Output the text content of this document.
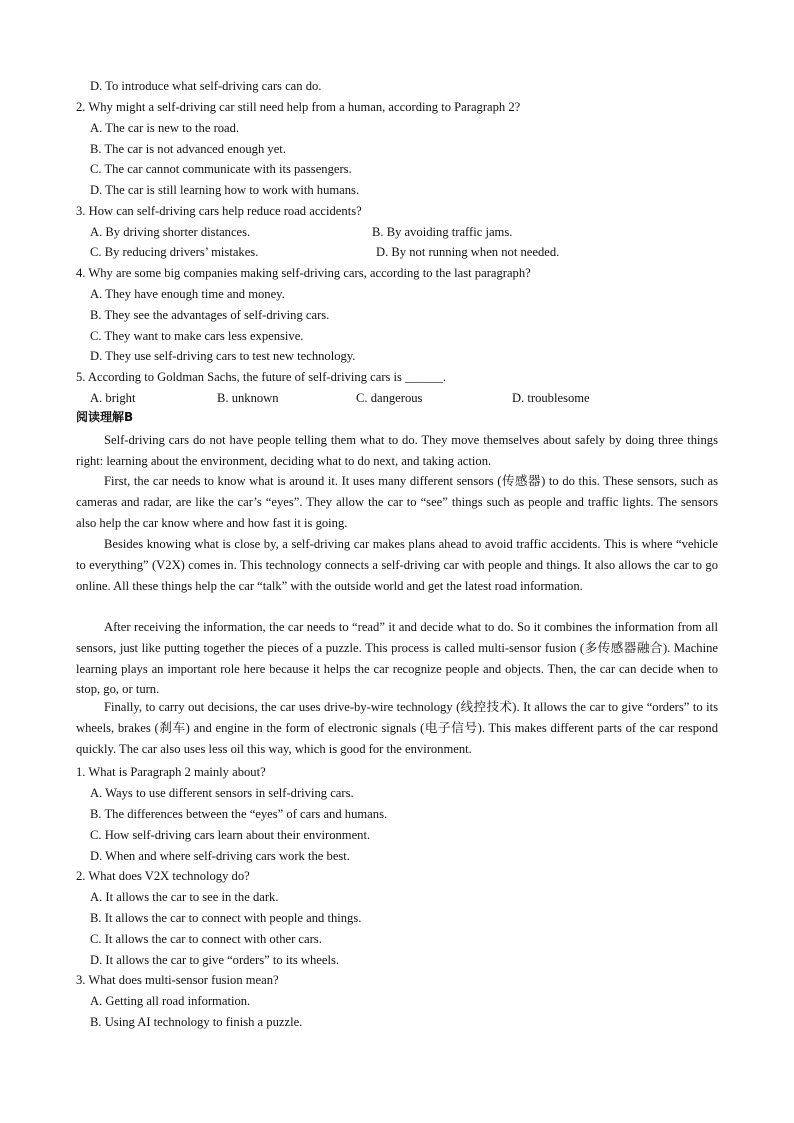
D. To introduce what self-driving cars can do.
2. Why might a self-driving car still need help from a human, according to Paragraph 2?
A. The car is new to the road.
B. The car is not advanced enough yet.
C. The car cannot communicate with its passengers.
D. The car is still learning how to work with humans.
3. How can self-driving cars help reduce road accidents?
A. By driving shorter distances.	B. By avoiding traffic jams.
C. By reducing drivers’ mistakes.	D. By not running when not needed.
4. Why are some big companies making self-driving cars, according to the last paragraph?
A. They have enough time and money.
B. They see the advantages of self-driving cars.
C. They want to make cars less expensive.
D. They use self-driving cars to test new technology.
5. According to Goldman Sachs, the future of self-driving cars is ______.
A. bright	B. unknown	C. dangerous	D. troublesome
阅读理解B
Self-driving cars do not have people telling them what to do. They move themselves about safely by doing three things right: learning about the environment, deciding what to do next, and taking action.
First, the car needs to know what is around it. It uses many different sensors (传感器) to do this. These sensors, such as cameras and radar, are like the car’s “eyes”. They allow the car to “see” things such as people and traffic lights. The sensors also help the car know where and how fast it is going.
Besides knowing what is close by, a self-driving car makes plans ahead to avoid traffic accidents. This is where “vehicle to everything” (V2X) comes in. This technology connects a self-driving car with people and things. It also allows the car to go online. All these things help the car “talk” with the outside world and get the latest road information.
After receiving the information, the car needs to “read” it and decide what to do. So it combines the information from all sensors, just like putting together the pieces of a puzzle. This process is called multi-sensor fusion (多传感器融合). Machine learning plays an important role here because it helps the car recognize people and objects. Then, the car can decide when to stop, go, or turn.
Finally, to carry out decisions, the car uses drive-by-wire technology (线控技术). It allows the car to give “orders” to its wheels, brakes (刹车) and engine in the form of electronic signals (电子信号). This makes different parts of the car respond quickly. The car also uses less oil this way, which is good for the environment.
1. What is Paragraph 2 mainly about?
A. Ways to use different sensors in self-driving cars.
B. The differences between the “eyes” of cars and humans.
C. How self-driving cars learn about their environment.
D. When and where self-driving cars work the best.
2. What does V2X technology do?
A. It allows the car to see in the dark.
B. It allows the car to connect with people and things.
C. It allows the car to connect with other cars.
D. It allows the car to give “orders” to its wheels.
3. What does multi-sensor fusion mean?
A. Getting all road information.
B. Using AI technology to finish a puzzle.
